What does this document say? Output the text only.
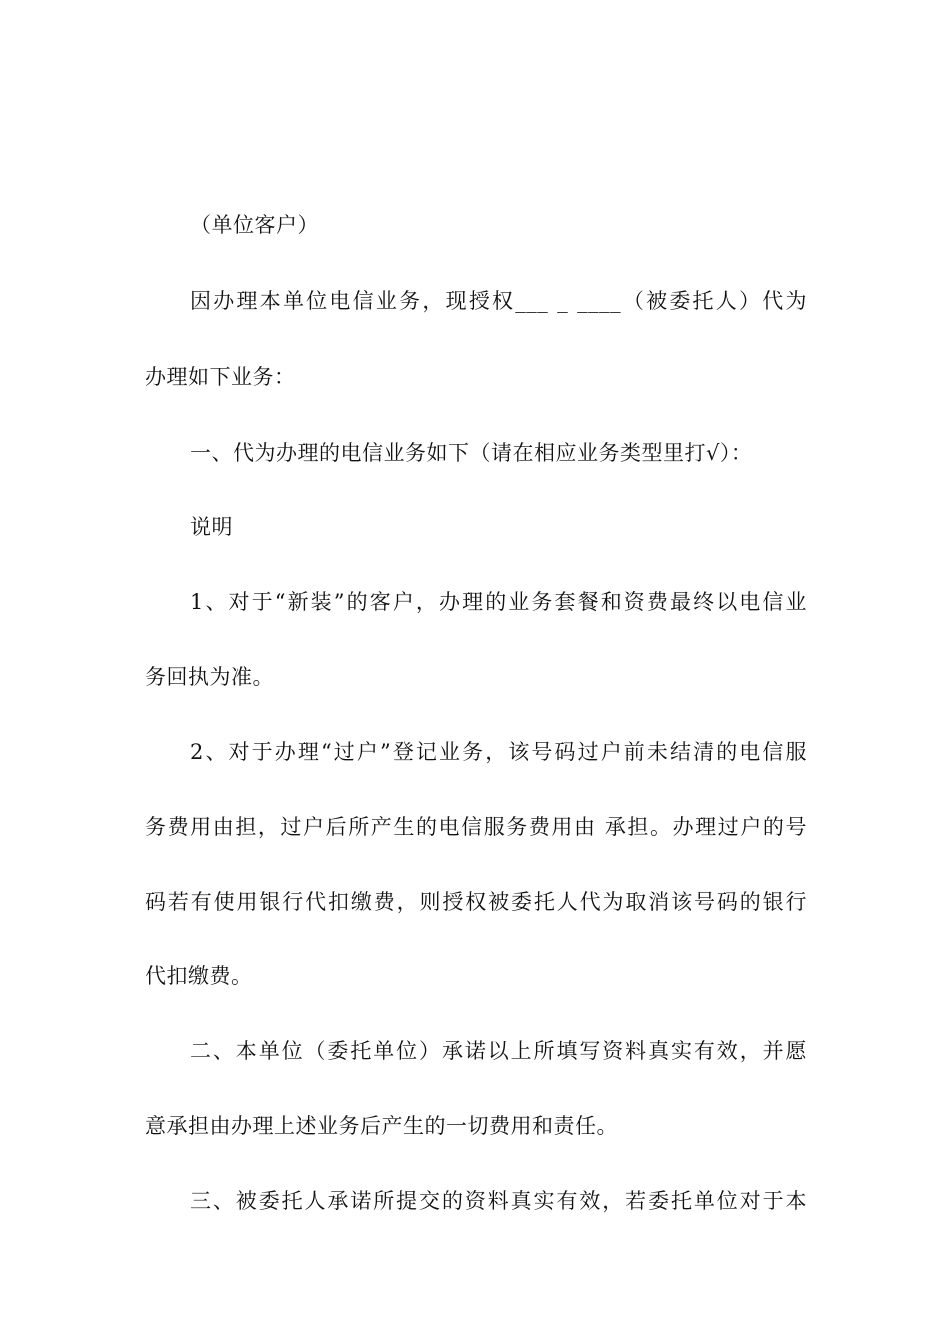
（单位客户）
因办理本单位电信业务，现授权___ _ ____（被委托人）代为
办理如下业务：
一、代为办理的电信业务如下（请在相应业务类型里打√）：
说明
1、对于“新装”的客户，办理的业务套餐和资费最终以电信业
务回执为准。
2、对于办理“过户”登记业务，该号码过户前未结清的电信服
务费用由担，过户后所产生的电信服务费用由 承担。办理过户的号
码若有使用银行代扣缴费，则授权被委托人代为取消该号码的银行
代扣缴费。
二、本单位（委托单位）承诺以上所填写资料真实有效，并愿
意承担由办理上述业务后产生的一切费用和责任。
三、被委托人承诺所提交的资料真实有效，若委托单位对于本
